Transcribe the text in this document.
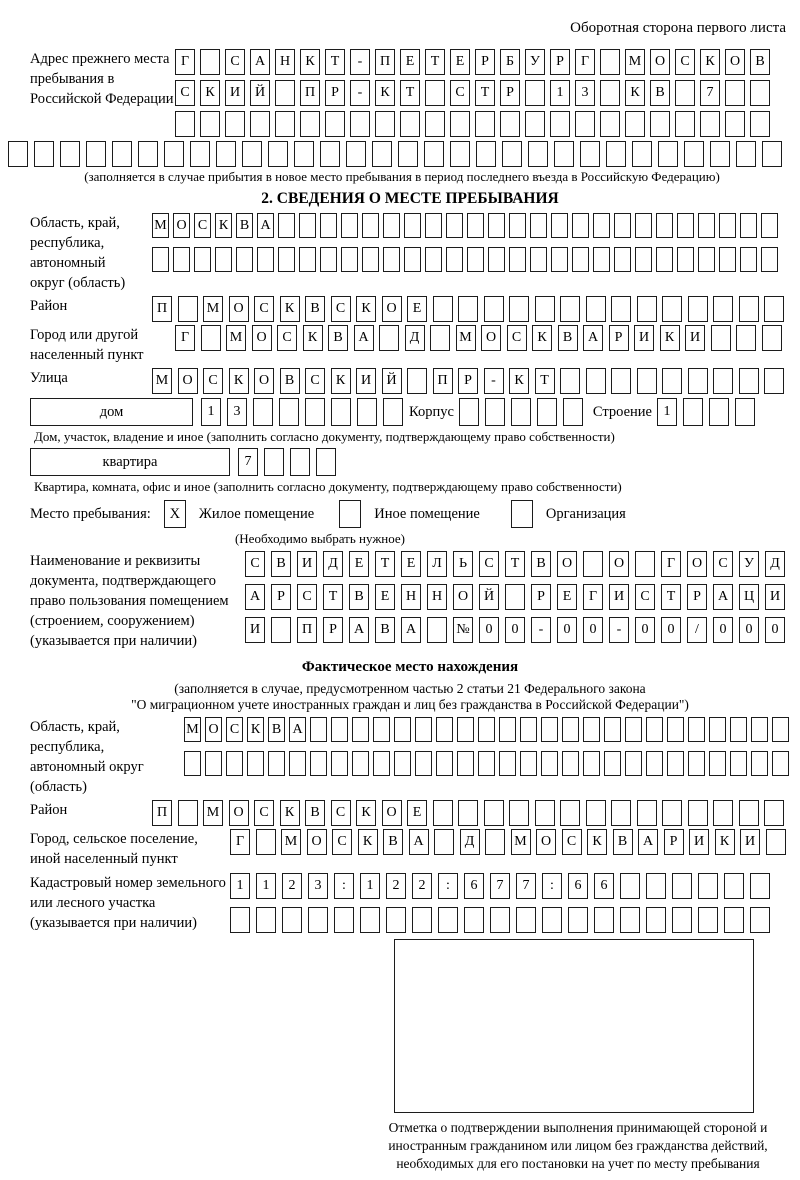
Оборотная сторона первого листа
Адрес прежнего места пребывания в Российской Федерации
Г	С	А	Н	К	Т	-	П	Е	Т	Е	Р	Б	У	Р	Г	М О	С	К	О	В
С	К	И	Й	П	Р	-	К	Т	С	Т	Р	1	3	К	В	7
(заполняется в случае прибытия в новое место пребывания в период последнего въезда в Российскую Федерацию)
2. СВЕДЕНИЯ О МЕСТЕ ПРЕБЫВАНИЯ
Область, край, республика, автономный округ (область)
М О С К В А
Район	П	М	О	С	К	В	С	К	О	Е
Город или другой населенный пункт
Г	М	О	С	К	В	А	Д	М	О	С	К	В	А	Р	И	К	И
Улица	М	О	С	К	О	В	С	К	И	Й	П	Р	-	К	Т
дом	1	3	Корпус	Строение 1
Дом, участок, владение и иное (заполнить согласно документу, подтверждающему право собственности)
квартира	7
Квартира, комната, офис и иное (заполнить согласно документу, подтверждающему право собственности)
Место пребывания:	X	Жилое помещение	Иное помещение	Организация
(Необходимо выбрать нужное)
Наименование и реквизиты документа, подтверждающего право пользования помещением (строением, сооружением) (указывается при наличии)
С	В	И	Д	Е	Т	Е	Л	Ь	С	Т	В	О	О	Г	О	С	У	Д
А	Р	С	Т	В	Е	Н	Н	О	Й	Р	Е	Г	И	С	Т	Р	А	Ц	И
И	П	Р	А	В	А	№	0	0	-	0	0	-	0	0	/	0	0	0
Фактическое место нахождения
(заполняется в случае, предусмотренном частью 2 статьи 21 Федерального закона
"О миграционном учете иностранных граждан и лиц без гражданства в Российской Федерации")
Область, край, республика, автономный округ (область)
М О С К В А
Район	П	М	О	С	К	В	С	К	О	Е
Город, сельское поселение, иной населенный пункт
Г	М	О	С	К	В	А	Д	М	О	С	К	В	А	Р	И	К	И
Кадастровый номер земельного или лесного участка (указывается при наличии)
1	1	2	3	:	1	2	2	:	6	7	7	:	6	6
Отметка о подтверждении выполнения принимающей стороной и иностранным гражданином или лицом без гражданства действий, необходимых для его постановки на учет по месту пребывания
